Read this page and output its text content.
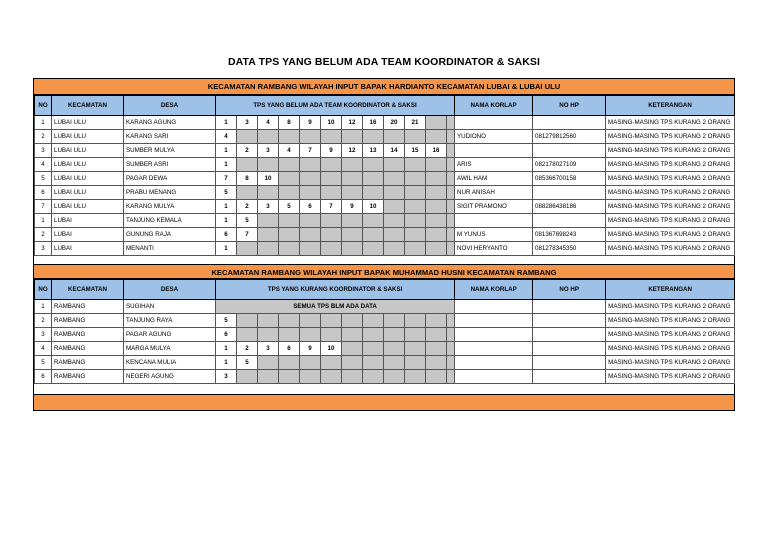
DATA TPS YANG BELUM ADA TEAM KOORDINATOR & SAKSI
KECAMATAN RAMBANG WILAYAH INPUT BAPAK HARDIANTO KECAMATAN LUBAI & LUBAI ULU
NO	KECAMATAN	DESA	TPS YANG BELUM ADA TEAM KOORDINATOR & SAKSI												NAMA KORLAP	NO HP	KETERANGAN
1	LUBAI ULU	KARANG AGUNG	1	3	4	8	9	10	12	16	20	21					MASING-MASING TPS KURANG 2 ORANG
2	LUBAI ULU	KARANG SARI	4												YUDIONO	081279812560	MASING-MASING TPS KURANG 2 ORANG
3	LUBAI ULU	SUMBER MULYA	1	2	3	4	7	9	12	13	14	15	16				MASING-MASING TPS KURANG 2 ORANG
4	LUBAI ULU	SUMBER ASRI	1												ARIS	082178027109	MASING-MASING TPS KURANG 2 ORANG
5	LUBAI ULU	PAGAR DEWA	7	8	10										AWIL HAM	085366700158	MASING-MASING TPS KURANG 2 ORANG
6	LUBAI ULU	PRABU MENANG	5												NUR ANISAH		MASING-MASING TPS KURANG 2 ORANG
7	LUBAI ULU	KARANG MULYA	1	2	3	5	6	7	9	10					SIGIT PRAMONO	088286438186	MASING-MASING TPS KURANG 2 ORANG
1	LUBAI	TANJUNG KEMALA	1	5													MASING-MASING TPS KURANG 2 ORANG
2	LUBAI	GUNUNG RAJA	6	7											M YUNUS	081367698243	MASING-MASING TPS KURANG 2 ORANG
3	LUBAI	MENANTI	1												NOVI HERYANTO	081278345350	MASING-MASING TPS KURANG 2 ORANG
KECAMATAN RAMBANG WILAYAH INPUT BAPAK MUHAMMAD HUSNI KECAMATAN RAMBANG
NO	KECAMATAN	DESA	TPS YANG KURANG KOORDINATOR & SAKSI												NAMA KORLAP	NO HP	KETERANGAN
1	RAMBANG	SUGIHAN	SEMUA TPS BLM ADA DATA														MASING-MASING TPS KURANG 2 ORANG
2	RAMBANG	TANJUNG RAYA	5														MASING-MASING TPS KURANG 2 ORANG
3	RAMBANG	PAGAR AGUNG	6														MASING-MASING TPS KURANG 2 ORANG
4	RAMBANG	MARGA MULYA	1	2	3	6	9	10									MASING-MASING TPS KURANG 2 ORANG
5	RAMBANG	KENCANA MULIA	1	5													MASING-MASING TPS KURANG 2 ORANG
6	RAMBANG	NEGERI AGUNG	3														MASING-MASING TPS KURANG 2 ORANG
